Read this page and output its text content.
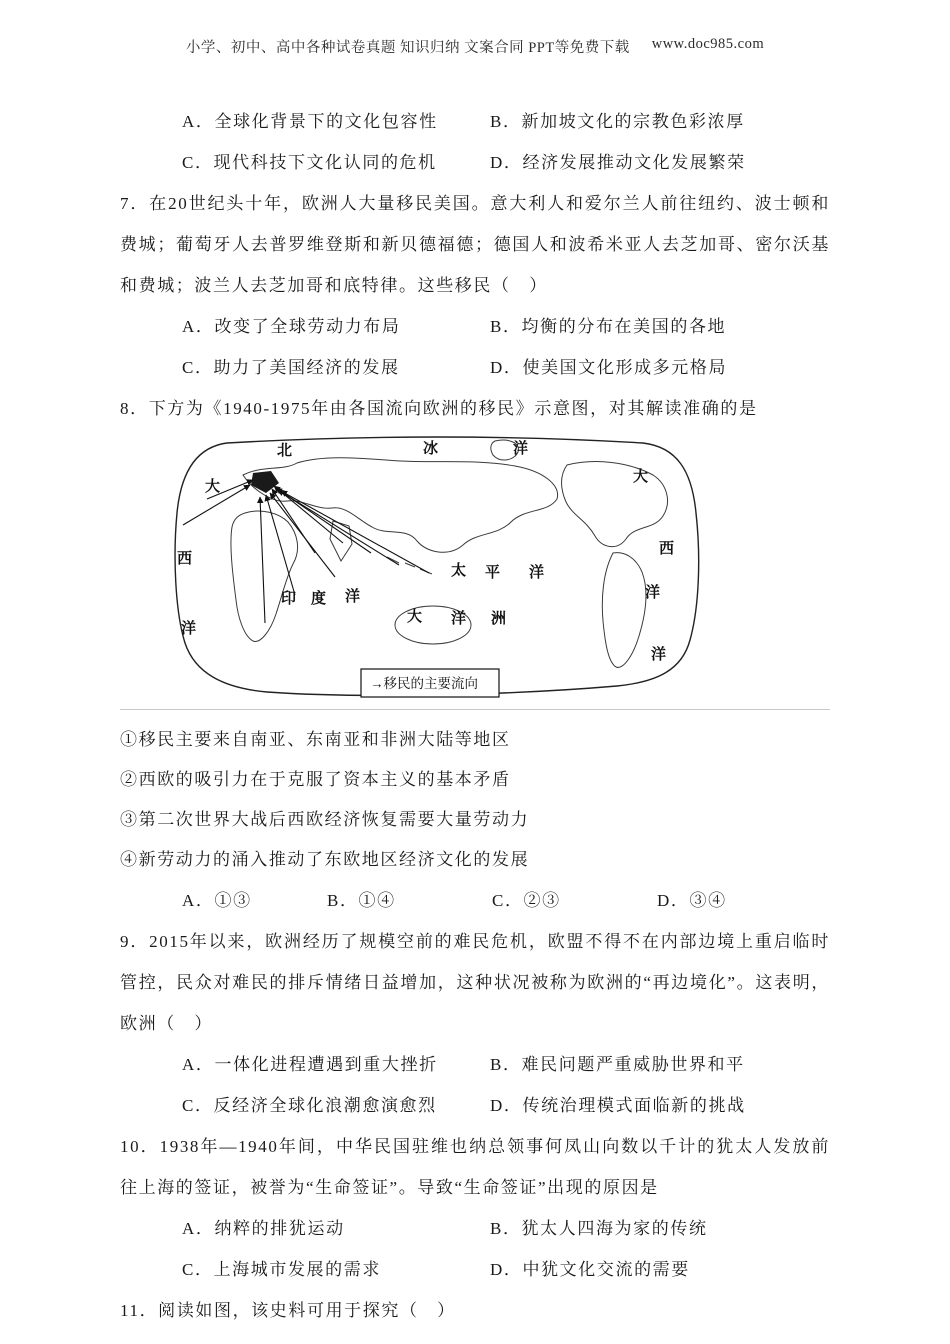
小学、初中、高中各种试卷真题 知识归纳 文案合同 PPT等免费下载 www.doc985.com
A．全球化背景下的文化包容性	B．新加坡文化的宗教色彩浓厚
C．现代科技下文化认同的危机	D．经济发展推动文化发展繁荣
7．在20世纪头十年，欧洲人大量移民美国。意大利人和爱尔兰人前往纽约、波士顿和费城；葡萄牙人去普罗维登斯和新贝德福德；德国人和波希米亚人去芝加哥、密尔沃基和费城；波兰人去芝加哥和底特律。这些移民（　）
A．改变了全球劳动力布局	B．均衡的分布在美国的各地
C．助力了美国经济的发展	D．使美国文化形成多元格局
8．下方为《1940-1975年由各国流向欧洲的移民》示意图，对其解读准确的是
北	冰	洋
大
西
洋
大
西
洋
洋
太 平 洋
印 度 洋
大 洋 洲
→移民的主要流向
①移民主要来自南亚、东南亚和非洲大陆等地区
②西欧的吸引力在于克服了资本主义的基本矛盾
③第二次世界大战后西欧经济恢复需要大量劳动力
④新劳动力的涌入推动了东欧地区经济文化的发展
A．①③	B．①④	C．②③	D．③④
9．2015年以来，欧洲经历了规模空前的难民危机，欧盟不得不在内部边境上重启临时管控，民众对难民的排斥情绪日益增加，这种状况被称为欧洲的“再边境化”。这表明，欧洲（　）
A．一体化进程遭遇到重大挫折	B．难民问题严重威胁世界和平
C．反经济全球化浪潮愈演愈烈	D．传统治理模式面临新的挑战
10．1938年—1940年间，中华民国驻维也纳总领事何凤山向数以千计的犹太人发放前往上海的签证，被誉为“生命签证”。导致“生命签证”出现的原因是
A．纳粹的排犹运动	B．犹太人四海为家的传统
C．上海城市发展的需求	D．中犹文化交流的需要
11．阅读如图，该史料可用于探究（　）
